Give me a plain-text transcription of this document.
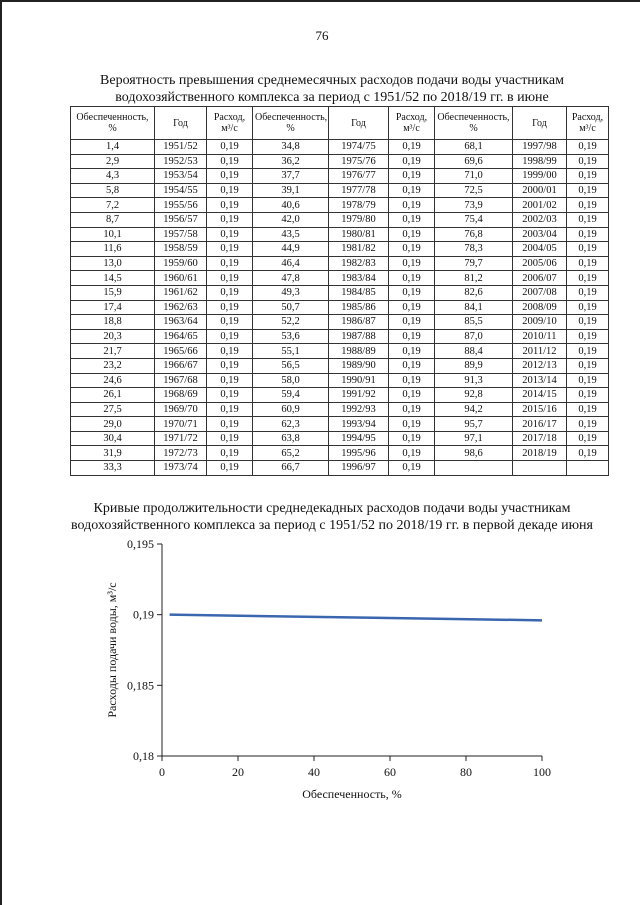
76
Вероятность превышения среднемесячных расходов подачи воды участникам водохозяйственного комплекса за период с 1951/52 по 2018/19 гг. в июне
Обеспеченность, %	Год	Расход, м³/с	Обеспеченность, %	Год	Расход, м³/с	Обеспеченность, %	Год	Расход, м³/с
1,4	1951/52	0,19	34,8	1974/75	0,19	68,1	1997/98	0,19
2,9	1952/53	0,19	36,2	1975/76	0,19	69,6	1998/99	0,19
4,3	1953/54	0,19	37,7	1976/77	0,19	71,0	1999/00	0,19
5,8	1954/55	0,19	39,1	1977/78	0,19	72,5	2000/01	0,19
7,2	1955/56	0,19	40,6	1978/79	0,19	73,9	2001/02	0,19
8,7	1956/57	0,19	42,0	1979/80	0,19	75,4	2002/03	0,19
10,1	1957/58	0,19	43,5	1980/81	0,19	76,8	2003/04	0,19
11,6	1958/59	0,19	44,9	1981/82	0,19	78,3	2004/05	0,19
13,0	1959/60	0,19	46,4	1982/83	0,19	79,7	2005/06	0,19
14,5	1960/61	0,19	47,8	1983/84	0,19	81,2	2006/07	0,19
15,9	1961/62	0,19	49,3	1984/85	0,19	82,6	2007/08	0,19
17,4	1962/63	0,19	50,7	1985/86	0,19	84,1	2008/09	0,19
18,8	1963/64	0,19	52,2	1986/87	0,19	85,5	2009/10	0,19
20,3	1964/65	0,19	53,6	1987/88	0,19	87,0	2010/11	0,19
21,7	1965/66	0,19	55,1	1988/89	0,19	88,4	2011/12	0,19
23,2	1966/67	0,19	56,5	1989/90	0,19	89,9	2012/13	0,19
24,6	1967/68	0,19	58,0	1990/91	0,19	91,3	2013/14	0,19
26,1	1968/69	0,19	59,4	1991/92	0,19	92,8	2014/15	0,19
27,5	1969/70	0,19	60,9	1992/93	0,19	94,2	2015/16	0,19
29,0	1970/71	0,19	62,3	1993/94	0,19	95,7	2016/17	0,19
30,4	1971/72	0,19	63,8	1994/95	0,19	97,1	2017/18	0,19
31,9	1972/73	0,19	65,2	1995/96	0,19	98,6	2018/19	0,19
33,3	1973/74	0,19	66,7	1996/97	0,19			
Кривые продолжительности среднедекадных расходов подачи воды участникам водохозяйственного комплекса за период с 1951/52 по 2018/19 гг. в первой декаде июня
0,18
0,185
0,19
0,195
0	20	40	60	80	100
Обеспеченность, %
Расходы подачи воды, м³/с
